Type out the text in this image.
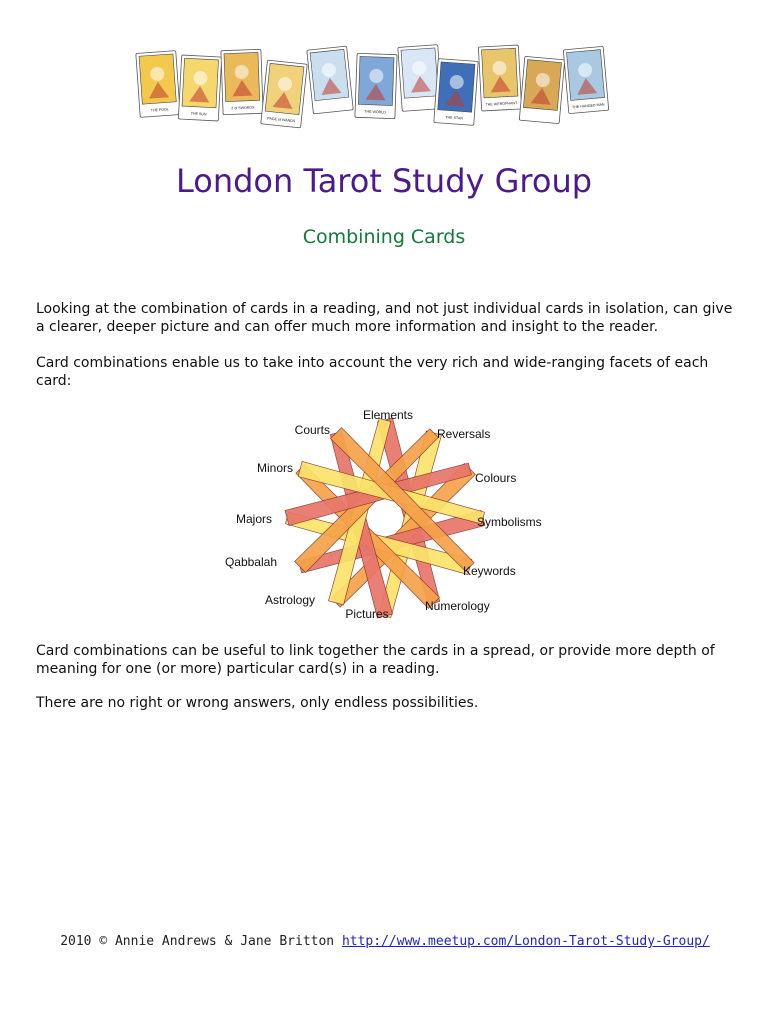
THE FOOL
THE SUN
2 of SWORDS
PAGE of WANDS
THE WORLD
THE STAR
THE HIEROPHANT	THE HANGED MAN
London Tarot Study Group
Combining Cards

Looking at the combination of cards in a reading, and not just individual cards in isolation, can give a clearer, deeper picture and can offer much more information and insight to the reader.

Card combinations enable us to take into account the very rich and wide-ranging facets of each card:

Elements
Reversals
Colours
Symbolisms
Keywords
Numerology
Pictures
Astrology
Qabbalah
Majors
Minors
Courts

Card combinations can be useful to link together the cards in a spread, or provide more depth of meaning for one (or more) particular card(s) in a reading.

There are no right or wrong answers, only endless possibilities.

2010 © Annie Andrews & Jane Britton http://www.meetup.com/London-Tarot-Study-Group/
